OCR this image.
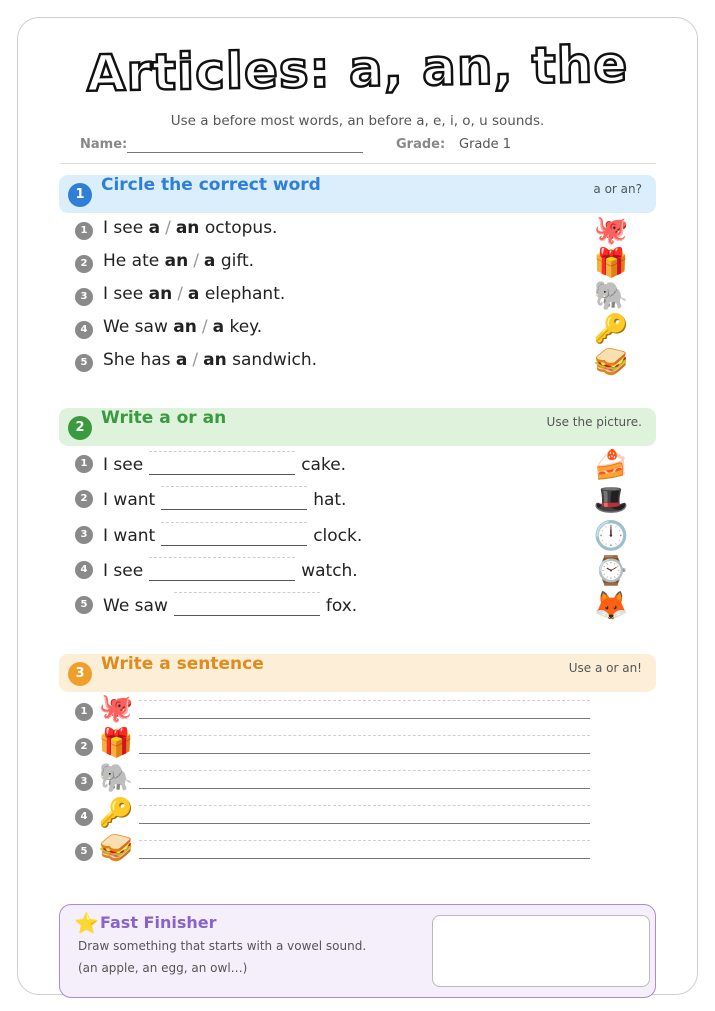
Articles: a, an, the
Use a before most words, an before a, e, i, o, u sounds.
Name:	Grade: Grade 1
1 Circle the correct word	a or an?
1 I see a / an octopus.	🐙
2 He ate an / a gift.	🎁
3 I see an / a elephant.	🐘
4 We saw an / a key.	🔑
5 She has a / an sandwich.	🥪
2 Write a or an	Use the picture.
1 I see	cake.	🍰
2 I want	hat.	🎩
3 I want	clock.	🕛
4 I see	watch.	⌚
5 We saw	fox.	🦊
3 Write a sentence	Use a or an!
1 🐙
2 🎁
3 🐘
4 🔑
5 🥪
⭐ Fast Finisher
Draw something that starts with a vowel sound.
(an apple, an egg, an owl…)
